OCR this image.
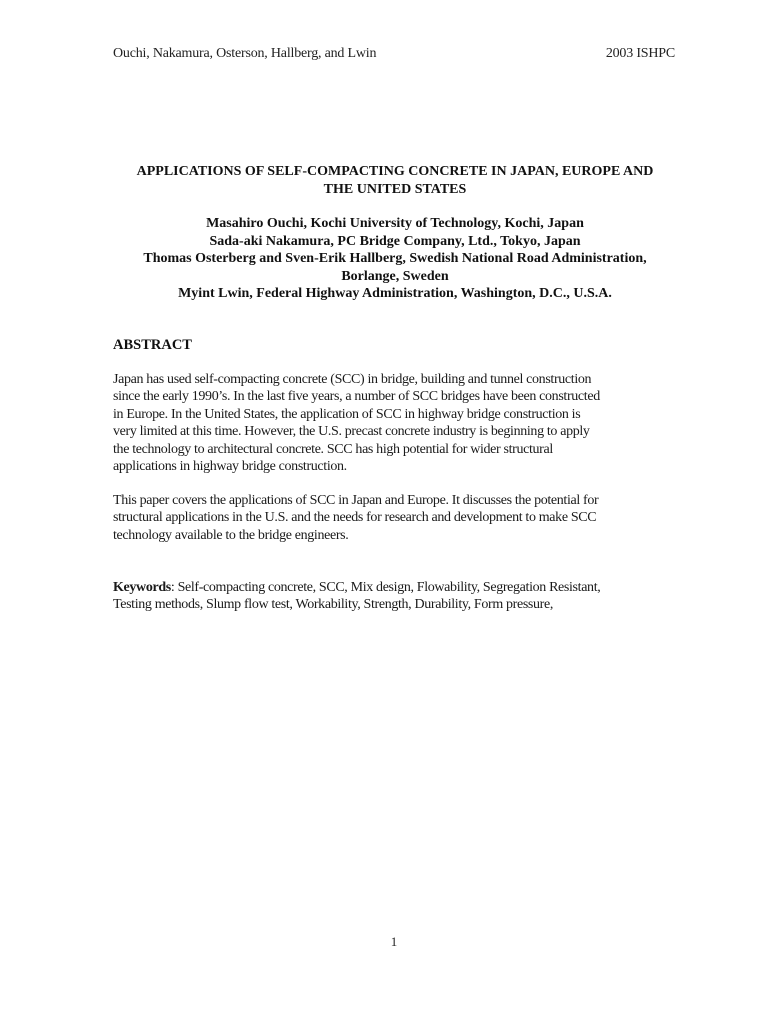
Ouchi, Nakamura, Osterson, Hallberg, and Lwin	2003 ISHPC
APPLICATIONS OF SELF-COMPACTING CONCRETE IN JAPAN, EUROPE AND
THE UNITED STATES
Masahiro Ouchi, Kochi University of Technology, Kochi, Japan
Sada-aki Nakamura, PC Bridge Company, Ltd., Tokyo, Japan
Thomas Osterberg and Sven-Erik Hallberg, Swedish National Road Administration,
Borlange, Sweden
Myint Lwin, Federal Highway Administration, Washington, D.C., U.S.A.
ABSTRACT
Japan has used self-compacting concrete (SCC) in bridge, building and tunnel construction
since the early 1990’s. In the last five years, a number of SCC bridges have been constructed
in Europe. In the United States, the application of SCC in highway bridge construction is
very limited at this time. However, the U.S. precast concrete industry is beginning to apply
the technology to architectural concrete. SCC has high potential for wider structural
applications in highway bridge construction.
This paper covers the applications of SCC in Japan and Europe. It discusses the potential for
structural applications in the U.S. and the needs for research and development to make SCC
technology available to the bridge engineers.
Keywords: Self-compacting concrete, SCC, Mix design, Flowability, Segregation Resistant,
Testing methods, Slump flow test, Workability, Strength, Durability, Form pressure,
1
